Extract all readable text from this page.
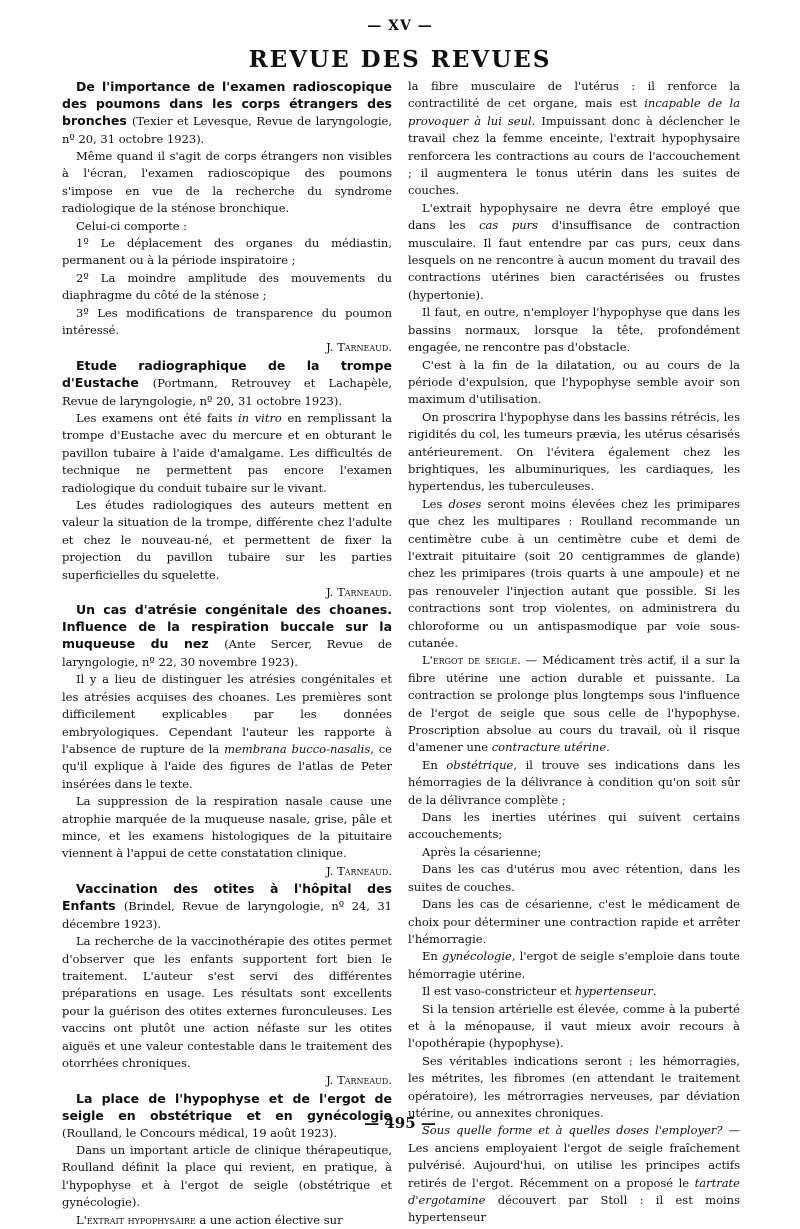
— XV —
REVUE DES REVUES

De l'importance de l'examen radioscopique des poumons dans les corps étrangers des bronches (Texier et Levesque, Revue de laryngologie, nº 20, 31 octobre 1923).

Même quand il s'agit de corps étrangers non visibles à l'écran, l'examen radioscopique des poumons s'impose en vue de la recherche du syndrome radiologique de la sténose bronchique.

Celui-ci comporte :

1º Le déplacement des organes du médiastin, permanent ou à la période inspiratoire ;

2º La moindre amplitude des mouvements du diaphragme du côté de la sténose ;

3º Les modifications de transparence du poumon intéressé.

J. Tarneaud.

Etude radiographique de la trompe d'Eustache (Portmann, Retrouvey et Lachapèle, Revue de laryngologie, nº 20, 31 octobre 1923).

Les examens ont été faits in vitro en remplissant la trompe d'Eustache avec du mercure et en obturant le pavillon tubaire à l'aide d'amalgame. Les difficultés de technique ne permettent pas encore l'examen radiologique du conduit tubaire sur le vivant.

Les études radiologiques des auteurs mettent en valeur la situation de la trompe, différente chez l'adulte et chez le nouveau-né, et permettent de fixer la projection du pavillon tubaire sur les parties superficielles du squelette.

J. Tarneaud.

Un cas d'atrésie congénitale des choanes. Influence de la respiration buccale sur la muqueuse du nez (Ante Sercer, Revue de laryngologie, nº 22, 30 novembre 1923).

Il y a lieu de distinguer les atrésies congénitales et les atrésies acquises des choanes. Les premières sont difficilement explicables par les données embryologiques. Cependant l'auteur les rapporte à l'absence de rupture de la membrana bucco-nasalis, ce qu'il explique à l'aide des figures de l'atlas de Peter insérées dans le texte.

La suppression de la respiration nasale cause une atrophie marquée de la muqueuse nasale, grise, pâle et mince, et les examens histologiques de la pituitaire viennent à l'appui de cette constatation clinique.

J. Tarneaud.

Vaccination des otites à l'hôpital des Enfants (Brindel, Revue de laryngologie, nº 24, 31 décembre 1923).

La recherche de la vaccinothérapie des otites permet d'observer que les enfants supportent fort bien le traitement. L'auteur s'est servi des différentes préparations en usage. Les résultats sont excellents pour la guérison des otites externes furonculeuses. Les vaccins ont plutôt une action néfaste sur les otites aiguës et une valeur contestable dans le traitement des otorrhées chroniques.

J. Tarneaud.

La place de l'hypophyse et de l'ergot de seigle en obstétrique et en gynécologie (Roulland, le Concours médical, 19 août 1923).

Dans un important article de clinique thérapeutique, Roulland définit la place qui revient, en pratique, à l'hypophyse et à l'ergot de seigle (obstétrique et gynécologie).

L'extrait hypophysaire a une action élective sur

la fibre musculaire de l'utérus : il renforce la contractilité de cet organe, mais est incapable de la provoquer à lui seul. Impuissant donc à déclencher le travail chez la femme enceinte, l'extrait hypophysaire renforcera les contractions au cours de l'accouchement ; il augmentera le tonus utérin dans les suites de couches.

L'extrait hypophysaire ne devra être employé que dans les cas purs d'insuffisance de contraction musculaire. Il faut entendre par cas purs, ceux dans lesquels on ne rencontre à aucun moment du travail des contractions utérines bien caractérisées ou frustes (hypertonie).

Il faut, en outre, n'employer l'hypophyse que dans les bassins normaux, lorsque la tête, profondément engagée, ne rencontre pas d'obstacle.

C'est à la fin de la dilatation, ou au cours de la période d'expulsion, que l'hypophyse semble avoir son maximum d'utilisation.

On proscrira l'hypophyse dans les bassins rétrécis, les rigidités du col, les tumeurs prævia, les utérus césarisés antérieurement. On l'évitera également chez les brightiques, les albuminuriques, les cardiaques, les hypertendus, les tuberculeuses.

Les doses seront moins élevées chez les primipares que chez les multipares : Roulland recommande un centimètre cube à un centimètre cube et demi de l'extrait pituitaire (soit 20 centigrammes de glande) chez les primipares (trois quarts à une ampoule) et ne pas renouveler l'injection autant que possible. Si les contractions sont trop violentes, on administrera du chloroforme ou un antispasmodique par voie sous-cutanée.

L'ergot de seigle. — Médicament très actif, il a sur la fibre utérine une action durable et puissante. La contraction se prolonge plus longtemps sous l'influence de l'ergot de seigle que sous celle de l'hypophyse. Proscription absolue au cours du travail, où il risque d'amener une contracture utérine.

En obstétrique, il trouve ses indications dans les hémorragies de la délivrance à condition qu'on soit sûr de la délivrance complète ;

Dans les inerties utérines qui suivent certains accouchements;

Après la césarienne;

Dans les cas d'utérus mou avec rétention, dans les suites de couches.

Dans les cas de césarienne, c'est le médicament de choix pour déterminer une contraction rapide et arrêter l'hémorragie.

En gynécologie, l'ergot de seigle s'emploie dans toute hémorragie utérine.

Il est vaso-constricteur et hypertenseur.

Si la tension artérielle est élevée, comme à la puberté et à la ménopause, il vaut mieux avoir recours à l'opothérapie (hypophyse).

Ses véritables indications seront : les hémorragies, les métrites, les fibromes (en attendant le traitement opératoire), les métrorragies nerveuses, par déviation utérine, ou annexites chroniques.

Sous quelle forme et à quelles doses l'employer? — Les anciens employaient l'ergot de seigle fraîchement pulvérisé. Aujourd'hui, on utilise les principes actifs retirés de l'ergot. Récemment on a proposé le tartrate d'ergotamine découvert par Stoll : il est moins hypertenseur

— 495 —
